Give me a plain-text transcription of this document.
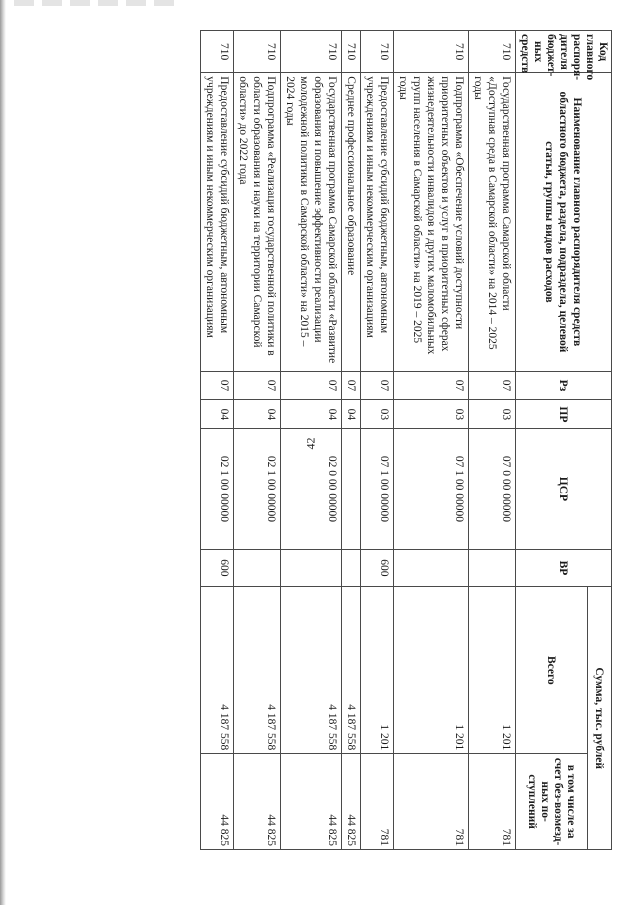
42
Код главного распоря-дителя бюджет-ных средств	Наименование главного распорядителя средств областного бюджета, раздела, подраздела, целевой статьи, группы видов расходов	Рз	ПР	ЦСР	ВР	Сумма, тыс. рублей	
						Всего	в том числе за счет без-возмезд-ных по-ступлений
710	Государственная программа Самарской области «Доступная среда в Самарской области» на 2014 – 2025 годы	07	03	07 0 00 00000		1 201	781
710	Подпрограмма «Обеспечение условий доступности приоритетных объектов и услуг в приоритетных сферах жизнедеятельности инвалидов и других маломобильных групп населения в Самарской области» на 2019 – 2025 годы	07	03	07 1 00 00000		1 201	781
710	Предоставление субсидий бюджетным, автономным учреждениям и иным некоммерческим организациям	07	03	07 1 00 00000	600	1 201	781
710	Среднее профессиональное образование	07	04			4 187 558	44 825
710	Государственная программа Самарской области «Развитие образования и повышение эффективности реализации молодежной политики в Самарской области» на 2015 – 2024 годы	07	04	02 0 00 00000		4 187 558	44 825
710	Подпрограмма «Реализация государственной политики в области образования и науки на территории Самарской области» до 2022 года	07	04	02 1 00 00000		4 187 558	44 825
710	Предоставление субсидий бюджетным, автономным учреждениям и иным некоммерческим организациям	07	04	02 1 00 00000	600	4 187 558	44 825
